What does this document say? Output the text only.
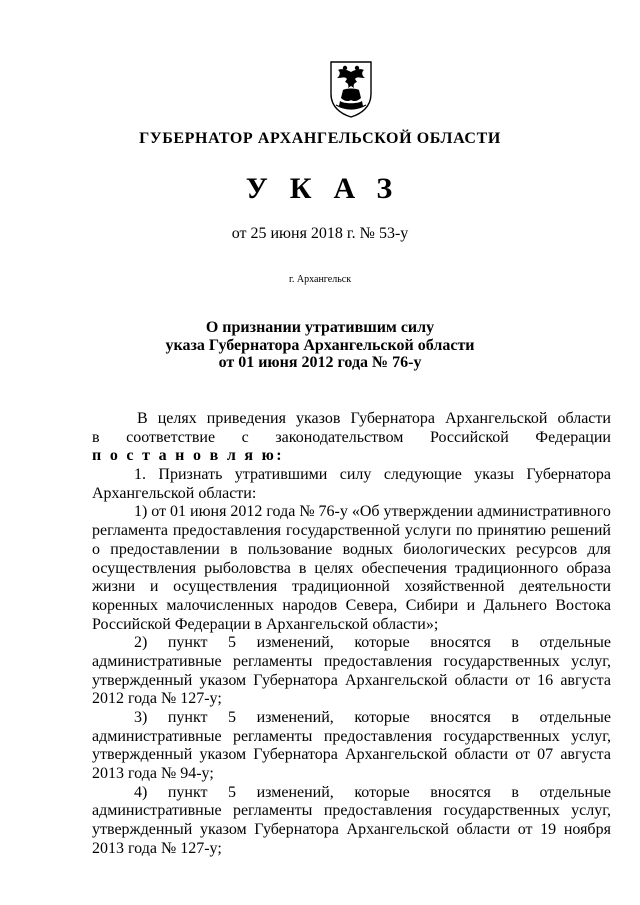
ГУБЕРНАТОР АРХАНГЕЛЬСКОЙ ОБЛАСТИ
УКАЗ
от 25 июня 2018 г. № 53-у
г. Архангельск
О признании утратившим силу
указа Губернатора Архангельской области
от 01 июня 2012 года № 76-у
В целях приведения указов Губернатора Архангельской области
в соответствие с законодательством Российской Федерации
п о с т а н о в л я ю:
1. Признать утратившими силу следующие указы Губернатора
Архангельской области:
1) от 01 июня 2012 года № 76-у «Об утверждении административного
регламента предоставления государственной услуги по принятию решений
о предоставлении в пользование водных биологических ресурсов для
осуществления рыболовства в целях обеспечения традиционного образа
жизни и осуществления традиционной хозяйственной деятельности
коренных малочисленных народов Севера, Сибири и Дальнего Востока
Российской Федерации в Архангельской области»;
2) пункт 5 изменений, которые вносятся в отдельные
административные регламенты предоставления государственных услуг,
утвержденный указом Губернатора Архангельской области от 16 августа
2012 года № 127-у;
3) пункт 5 изменений, которые вносятся в отдельные
административные регламенты предоставления государственных услуг,
утвержденный указом Губернатора Архангельской области от 07 августа
2013 года № 94-у;
4) пункт 5 изменений, которые вносятся в отдельные
административные регламенты предоставления государственных услуг,
утвержденный указом Губернатора Архангельской области от 19 ноября
2013 года № 127-у;
